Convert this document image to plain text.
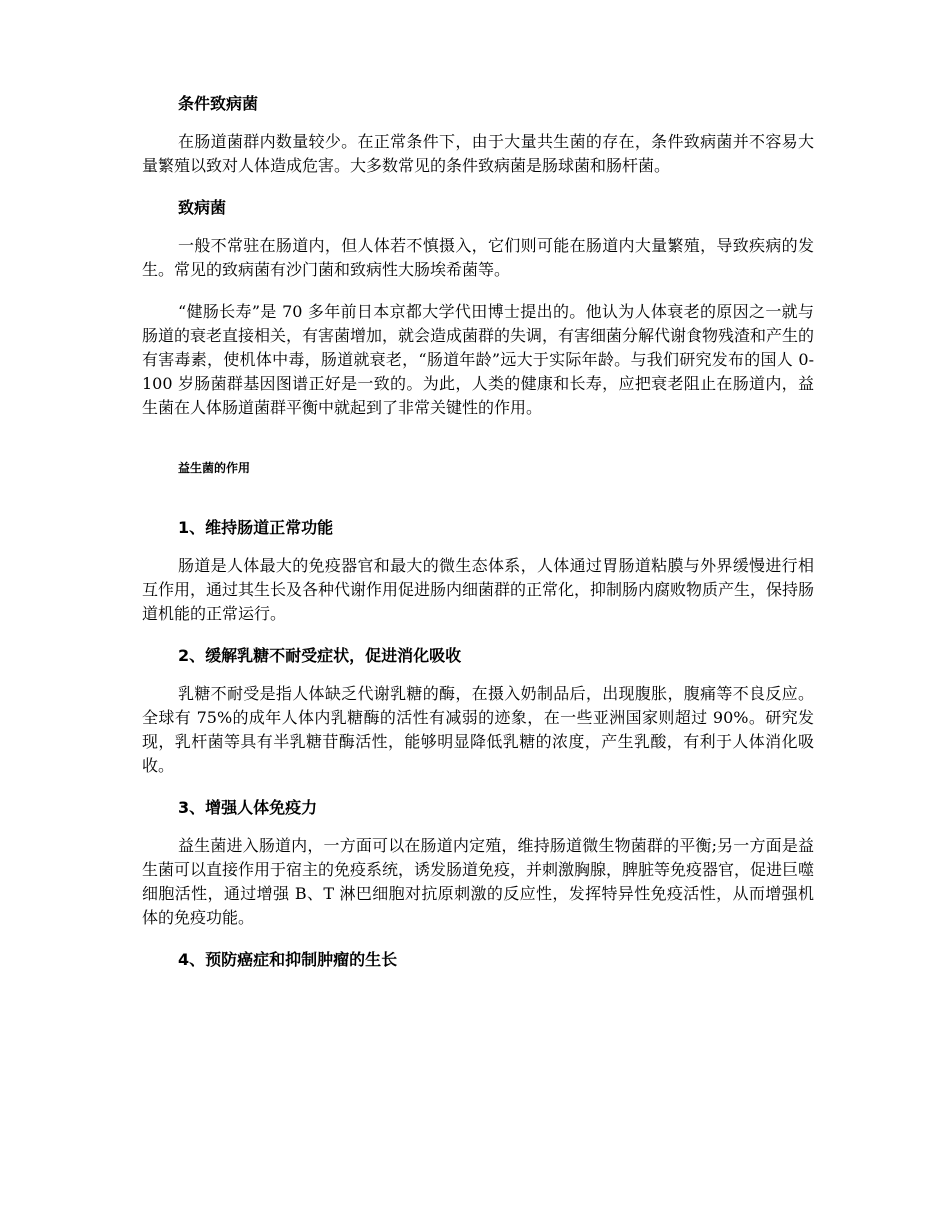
条件致病菌

在肠道菌群内数量较少。在正常条件下，由于大量共生菌的存在，条件致病菌并不容易大量繁殖以致对人体造成危害。大多数常见的条件致病菌是肠球菌和肠杆菌。

致病菌

一般不常驻在肠道内，但人体若不慎摄入，它们则可能在肠道内大量繁殖，导致疾病的发生。常见的致病菌有沙门菌和致病性大肠埃希菌等。

“健肠长寿”是 70 多年前日本京都大学代田博士提出的。他认为人体衰老的原因之一就与肠道的衰老直接相关，有害菌增加，就会造成菌群的失调，有害细菌分解代谢食物残渣和产生的有害毒素，使机体中毒，肠道就衰老，“肠道年龄”远大于实际年龄。与我们研究发布的国人 0-100 岁肠菌群基因图谱正好是一致的。为此，人类的健康和长寿，应把衰老阻止在肠道内，益生菌在人体肠道菌群平衡中就起到了非常关键性的作用。

益生菌的作用
1、维持肠道正常功能

肠道是人体最大的免疫器官和最大的微生态体系，人体通过胃肠道粘膜与外界缓慢进行相互作用，通过其生长及各种代谢作用促进肠内细菌群的正常化，抑制肠内腐败物质产生，保持肠道机能的正常运行。

2、缓解乳糖不耐受症状，促进消化吸收

乳糖不耐受是指人体缺乏代谢乳糖的酶，在摄入奶制品后，出现腹胀，腹痛等不良反应。全球有 75%的成年人体内乳糖酶的活性有减弱的迹象，在一些亚洲国家则超过 90%。研究发现，乳杆菌等具有半乳糖苷酶活性，能够明显降低乳糖的浓度，产生乳酸，有利于人体消化吸收。

3、增强人体免疫力

益生菌进入肠道内，一方面可以在肠道内定殖，维持肠道微生物菌群的平衡;另一方面是益生菌可以直接作用于宿主的免疫系统，诱发肠道免疫，并刺激胸腺，脾脏等免疫器官，促进巨噬细胞活性，通过增强 B、T 淋巴细胞对抗原刺激的反应性，发挥特异性免疫活性，从而增强机体的免疫功能。

4、预防癌症和抑制肿瘤的生长
